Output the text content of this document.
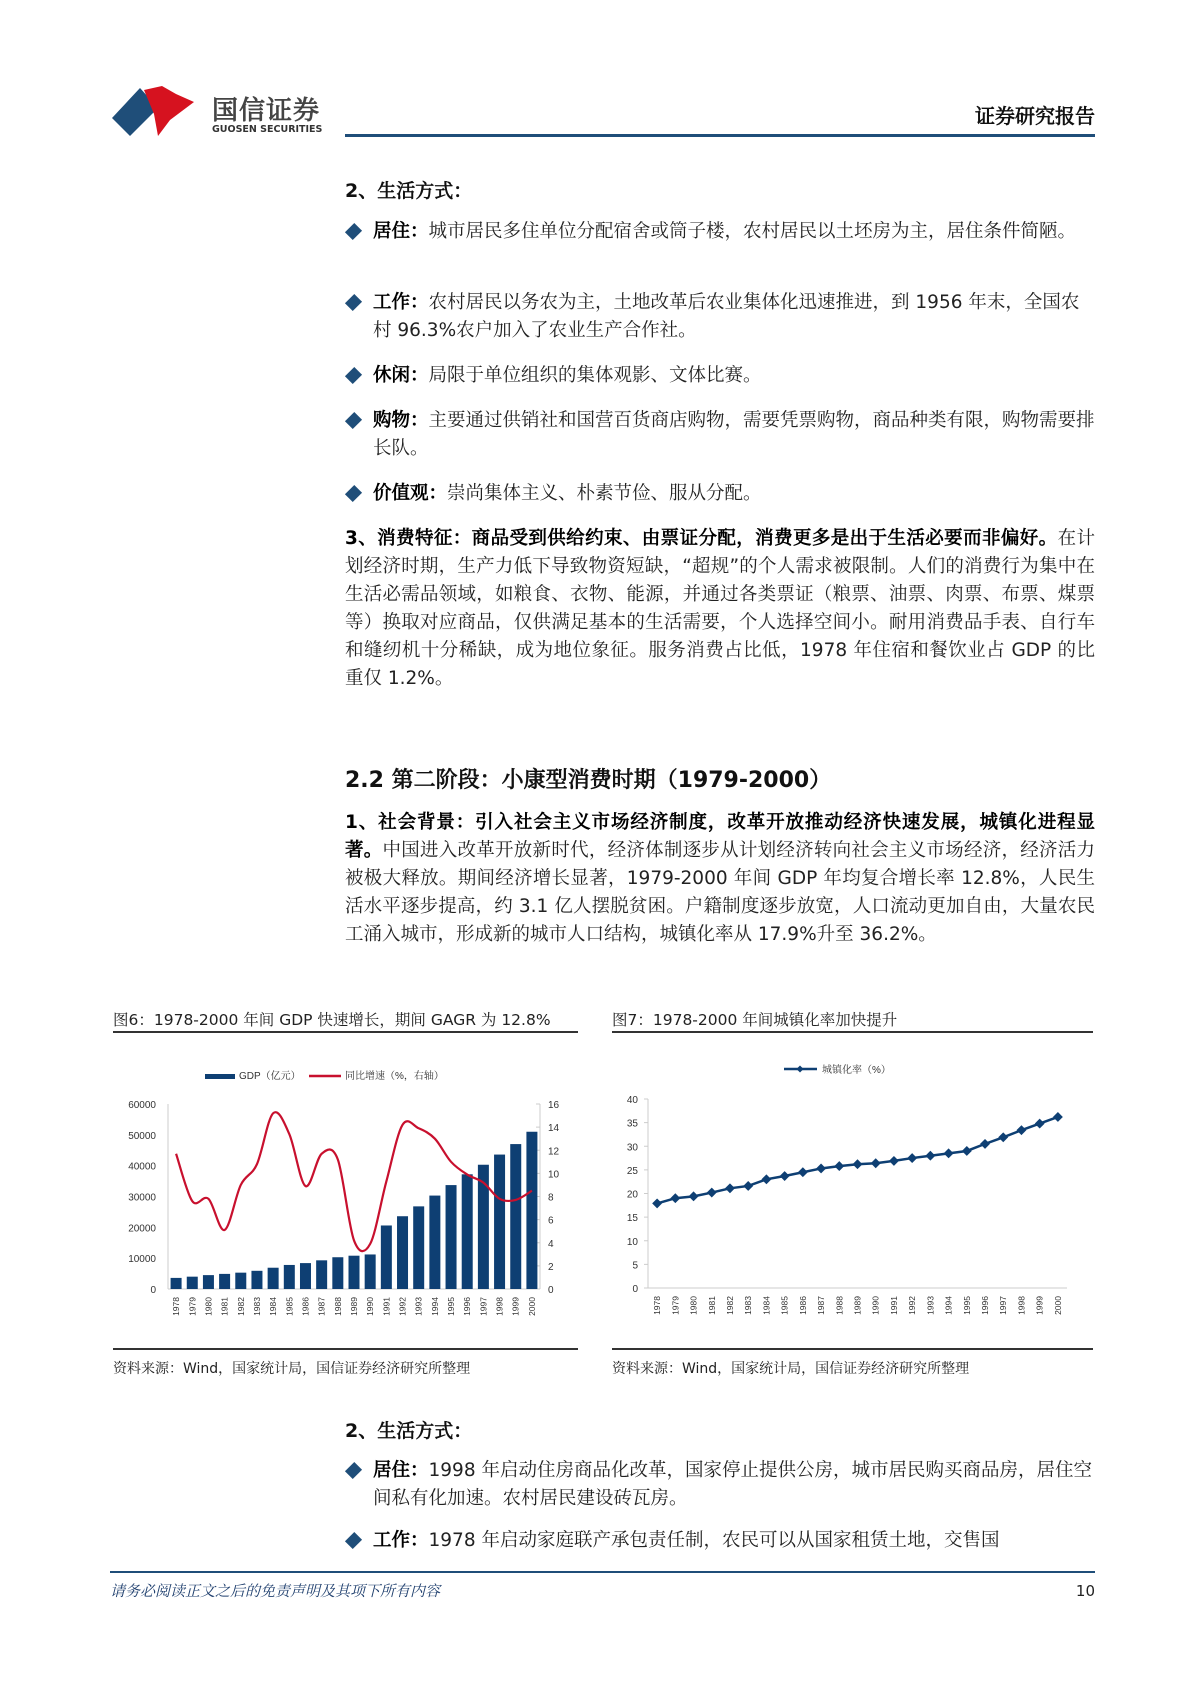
国信证券
GUOSEN SECURITIES
证券研究报告
2、生活方式：
居住：城市居民多住单位分配宿舍或筒子楼，农村居民以土坯房为主，居住条件简陋。
工作：农村居民以务农为主，土地改革后农业集体化迅速推进，到 1956 年末，全国农村 96.3%农户加入了农业生产合作社。
休闲：局限于单位组织的集体观影、文体比赛。
购物：主要通过供销社和国营百货商店购物，需要凭票购物，商品种类有限，购物需要排长队。
价值观：崇尚集体主义、朴素节俭、服从分配。
3、消费特征：商品受到供给约束、由票证分配，消费更多是出于生活必要而非偏好。在计划经济时期，生产力低下导致物资短缺，“超规”的个人需求被限制。人们的消费行为集中在生活必需品领域，如粮食、衣物、能源，并通过各类票证（粮票、油票、肉票、布票、煤票等）换取对应商品，仅供满足基本的生活需要，个人选择空间小。耐用消费品手表、自行车和缝纫机十分稀缺，成为地位象征。服务消费占比低，1978 年住宿和餐饮业占 GDP 的比重仅 1.2%。
2.2 第二阶段：小康型消费时期（1979-2000）
1、社会背景：引入社会主义市场经济制度，改革开放推动经济快速发展，城镇化进程显著。中国进入改革开放新时代，经济体制逐步从计划经济转向社会主义市场经济，经济活力被极大释放。期间经济增长显著，1979-2000 年间 GDP 年均复合增长率 12.8%，人民生活水平逐步提高，约 3.1 亿人摆脱贫困。户籍制度逐步放宽，人口流动更加自由，大量农民工涌入城市，形成新的城市人口结构，城镇化率从 17.9%升至 36.2%。
图6：1978-2000 年间 GDP 快速增长，期间 GAGR 为 12.8%
GDP（亿元）	同比增速（%，右轴）
0
10000
20000
30000
40000
50000
60000
0
2
4
6
8
10
12
14
16
1978 1979 1980 1981 1982 1983 1984 1985 1986 1987 1988 1989 1990 1991 1992 1993 1994 1995 1996 1997 1998 1999 2000
资料来源：Wind，国家统计局，国信证券经济研究所整理
图7：1978-2000 年间城镇化率加快提升
城镇化率（%）
0
5
10
15
20
25
30
35
40
1978 1979 1980 1981 1982 1983 1984 1985 1986 1987 1988 1989 1990 1991 1992 1993 1994 1995 1996 1997 1998 1999 2000
资料来源：Wind，国家统计局，国信证券经济研究所整理
2、生活方式：
居住：1998 年启动住房商品化改革，国家停止提供公房，城市居民购买商品房，居住空间私有化加速。农村居民建设砖瓦房。
工作：1978 年启动家庭联产承包责任制，农民可以从国家租赁土地，交售国
请务必阅读正文之后的免责声明及其项下所有内容	10
